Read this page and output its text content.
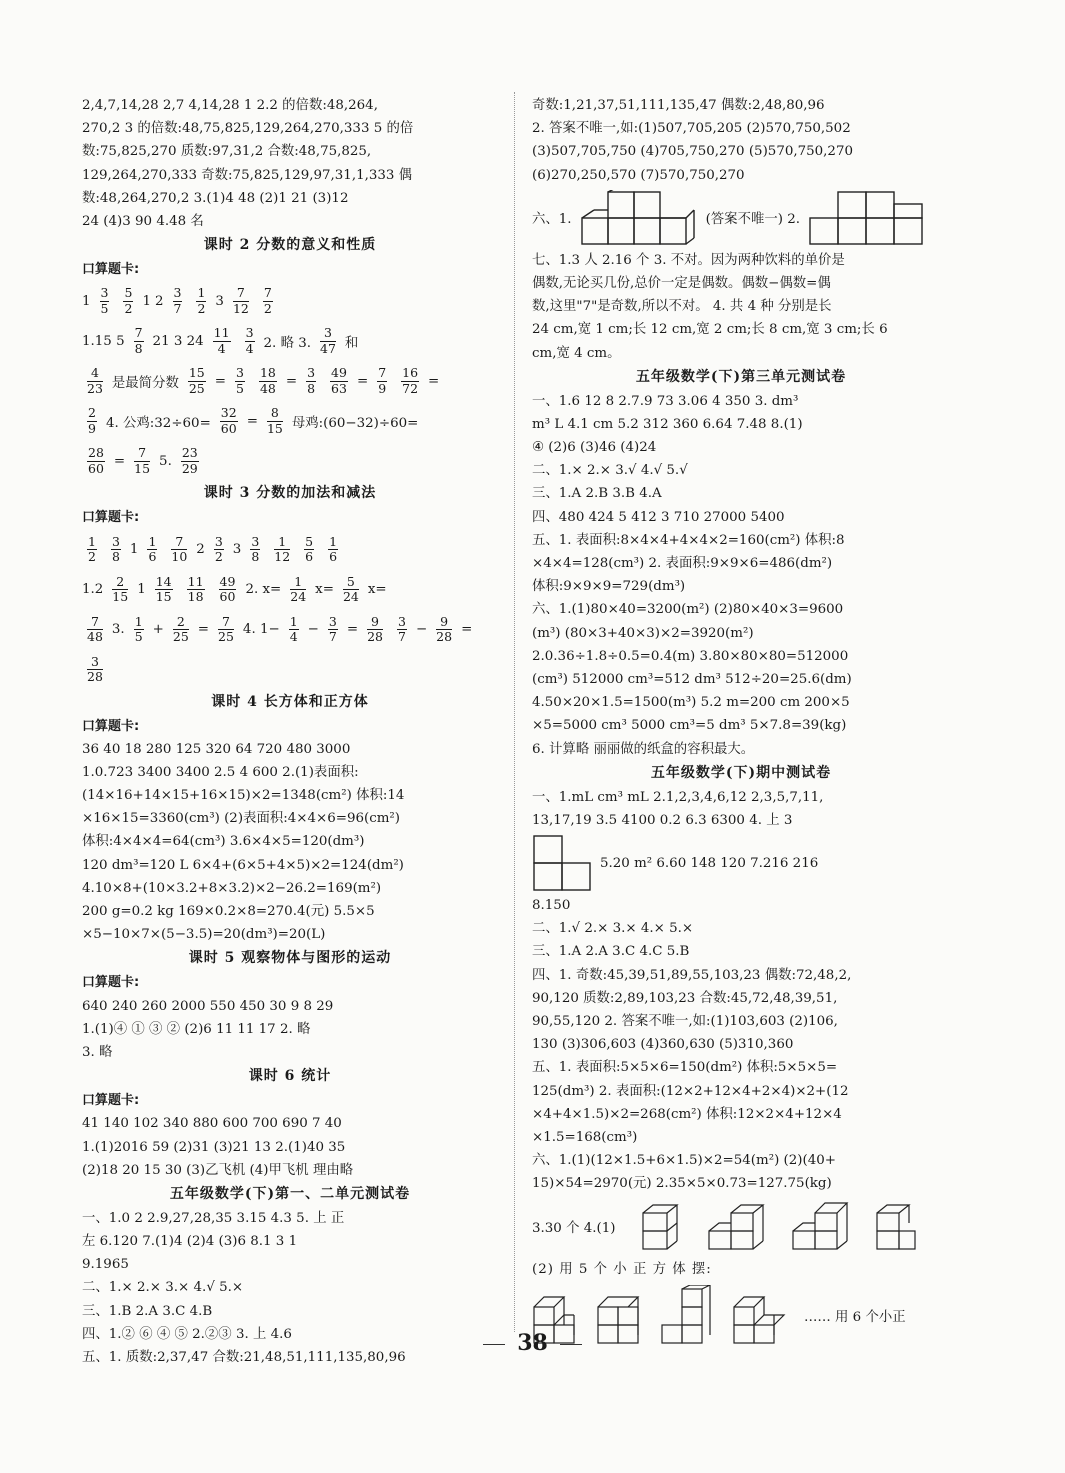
2,4,7,14,28 2,7 4,14,28 1 2.2 的倍数:48,264,
270,2 3 的倍数:48,75,825,129,264,270,333 5 的倍
数:75,825,270 质数:97,31,2 合数:48,75,825,
129,264,270,333 奇数:75,825,129,97,31,1,333 偶
数:48,264,270,2 3.(1)4 48 (2)1 21 (3)12
24 (4)3 90 4.48 名
课时 2 分数的意义和性质
口算题卡:
$1 \frac{3}{5} \frac{5}{2} 1$ $2 \frac{3}{7} \frac{1}{2} 3 \frac{7}{12} \frac{7}{2}$
1.15 $5 \frac{7}{8} 21$ 3 $24 \frac{11}{4} \frac{3}{4} 2$. 略 3. $\frac{3}{47}$ 和
$\frac{4}{23}$ 是最简分数 $\frac{15}{25} = \frac{3}{5} \frac{18}{48} = \frac{3}{8} \frac{49}{63} = \frac{7}{9} \frac{16}{72}$ =
$\frac{2}{9} 4$. 公鸡:32÷60= $\frac{32}{60} = \frac{8}{15}$ 母鸡:(60−32)÷60=
$\frac{28}{60} = \frac{7}{15} 5$. $\frac{23}{29}$
课时 3 分数的加法和减法
口算题卡:
$\frac{1}{2} \frac{3}{8} 1 \frac{1}{6} \frac{7}{10} 2 \frac{3}{2} 3 \frac{3}{8} \frac{1}{12} \frac{5}{6} \frac{1}{6}$
$1.2 \frac{2}{15} 1 \frac{14}{15} \frac{11}{18} \frac{49}{60} 2$. $x= \frac{1}{24} x= \frac{5}{24} x=$
$\frac{7}{48} 3$. $\frac{1}{5} + \frac{2}{25} = \frac{7}{25} 4$. $1- \frac{1}{4} - \frac{3}{7} = \frac{9}{28} \frac{3}{7} - \frac{9}{28}$ =
$\frac{3}{28}$
课时 4 长方体和正方体
口算题卡:
36 40 18 280 125 320 64 720 480 3000
1.0.723 3400 3400 2.5 4 600 2.(1)表面积:
(14×16+14×15+16×15)×2=1348(cm²) 体积:14
×16×15=3360(cm³) (2)表面积:4×4×6=96(cm²)
体积:4×4×4=64(cm³) 3.6×4×5=120(dm³)
120 dm³=120 L 6×4+(6×5+4×5)×2=124(dm²)
4.10×8+(10×3.2+8×3.2)×2−26.2=169(m²)
200 g=0.2 kg 169×0.2×8=270.4(元) 5.5×5
×5−10×7×(5−3.5)=20(dm³)=20(L)
课时 5 观察物体与图形的运动
口算题卡:
640 240 260 2000 550 450 30 9 8 29
1.(1)④ ① ③ ② (2)6 11 11 17 2. 略
3. 略
课时 6 统计
口算题卡:
41 140 102 340 880 600 700 690 7 40
1.(1)2016 59 (2)31 (3)21 13 2.(1)40 35
(2)18 20 15 30 (3)乙飞机 (4)甲飞机 理由略
五年级数学(下)第一、二单元测试卷
一、1.0 2 2.9,27,28,35 3.15 4.3 5. 上 正
左 6.120 7.(1)4 (2)4 (3)6 8.1 3 1
9.1965
二、1.× 2.× 3.× 4.√ 5.×
三、1.B 2.A 3.C 4.B
四、1.② ⑥ ④ ⑤ 2.②③ 3. 上 4.6
五、1. 质数:2,37,47 合数:21,48,51,111,135,80,96
奇数:1,21,37,51,111,135,47 偶数:2,48,80,96
2. 答案不唯一,如:(1)507,705,205 (2)570,750,502
(3)507,705,750 (4)705,750,270 (5)570,750,270
(6)270,250,570 (7)570,750,270
六、1.	(答案不唯一) 2.
七、1.3 人 2.16 个 3. 不对。因为两种饮料的单价是
偶数,无论买几份,总价一定是偶数。偶数−偶数=偶
数,这里"7"是奇数,所以不对。 4. 共 4 种 分别是长
24 cm,宽 1 cm;长 12 cm,宽 2 cm;长 8 cm,宽 3 cm;长 6
cm,宽 4 cm。
五年级数学(下)第三单元测试卷
一、1.6 12 8 2.7.9 73 3.06 4 350 3. dm³
m³ L 4.1 cm 5.2 312 360 6.64 7.48 8.(1)
④ (2)6 (3)46 (4)24
二、1.× 2.× 3.√ 4.√ 5.√
三、1.A 2.B 3.B 4.A
四、480 424 5 412 3 710 27000 5400
五、1. 表面积:8×4×4+4×4×2=160(cm²) 体积:8
×4×4=128(cm³) 2. 表面积:9×9×6=486(dm²)
体积:9×9×9=729(dm³)
六、1.(1)80×40=3200(m²) (2)80×40×3=9600
(m³) (80×3+40×3)×2=3920(m²)
2.0.36÷1.8÷0.5=0.4(m) 3.80×80×80=512000
(cm³) 512000 cm³=512 dm³ 512÷20=25.6(dm)
4.50×20×1.5=1500(m³) 5.2 m=200 cm 200×5
×5=5000 cm³ 5000 cm³=5 dm³ 5×7.8=39(kg)
6. 计算略 丽丽做的纸盒的容积最大。
五年级数学(下)期中测试卷
一、1.mL cm³ mL 2.1,2,3,4,6,12 2,3,5,7,11,
13,17,19 3.5 4100 0.2 6.3 6300 4. 上 3
5.20 m² 6.60 148 120 7.216 216
8.150
二、1.√ 2.× 3.× 4.× 5.×
三、1.A 2.A 3.C 4.C 5.B
四、1. 奇数:45,39,51,89,55,103,23 偶数:72,48,2,
90,120 质数:2,89,103,23 合数:45,72,48,39,51,
90,55,120 2. 答案不唯一,如:(1)103,603 (2)106,
130 (3)306,603 (4)360,630 (5)310,360
五、1. 表面积:5×5×6=150(dm²) 体积:5×5×5=
125(dm³) 2. 表面积:(12×2+12×4+2×4)×2+(12
×4+4×1.5)×2=268(cm²) 体积:12×2×4+12×4
×1.5=168(cm³)
六、1.(1)(12×1.5+6×1.5)×2=54(m²) (2)(40+
15)×54=2970(元) 2.35×5×0.73=127.75(kg)
3.30 个 4.(1)
(2) 用 5 个 小 正 方 体 摆:
…… 用 6 个小正
38
